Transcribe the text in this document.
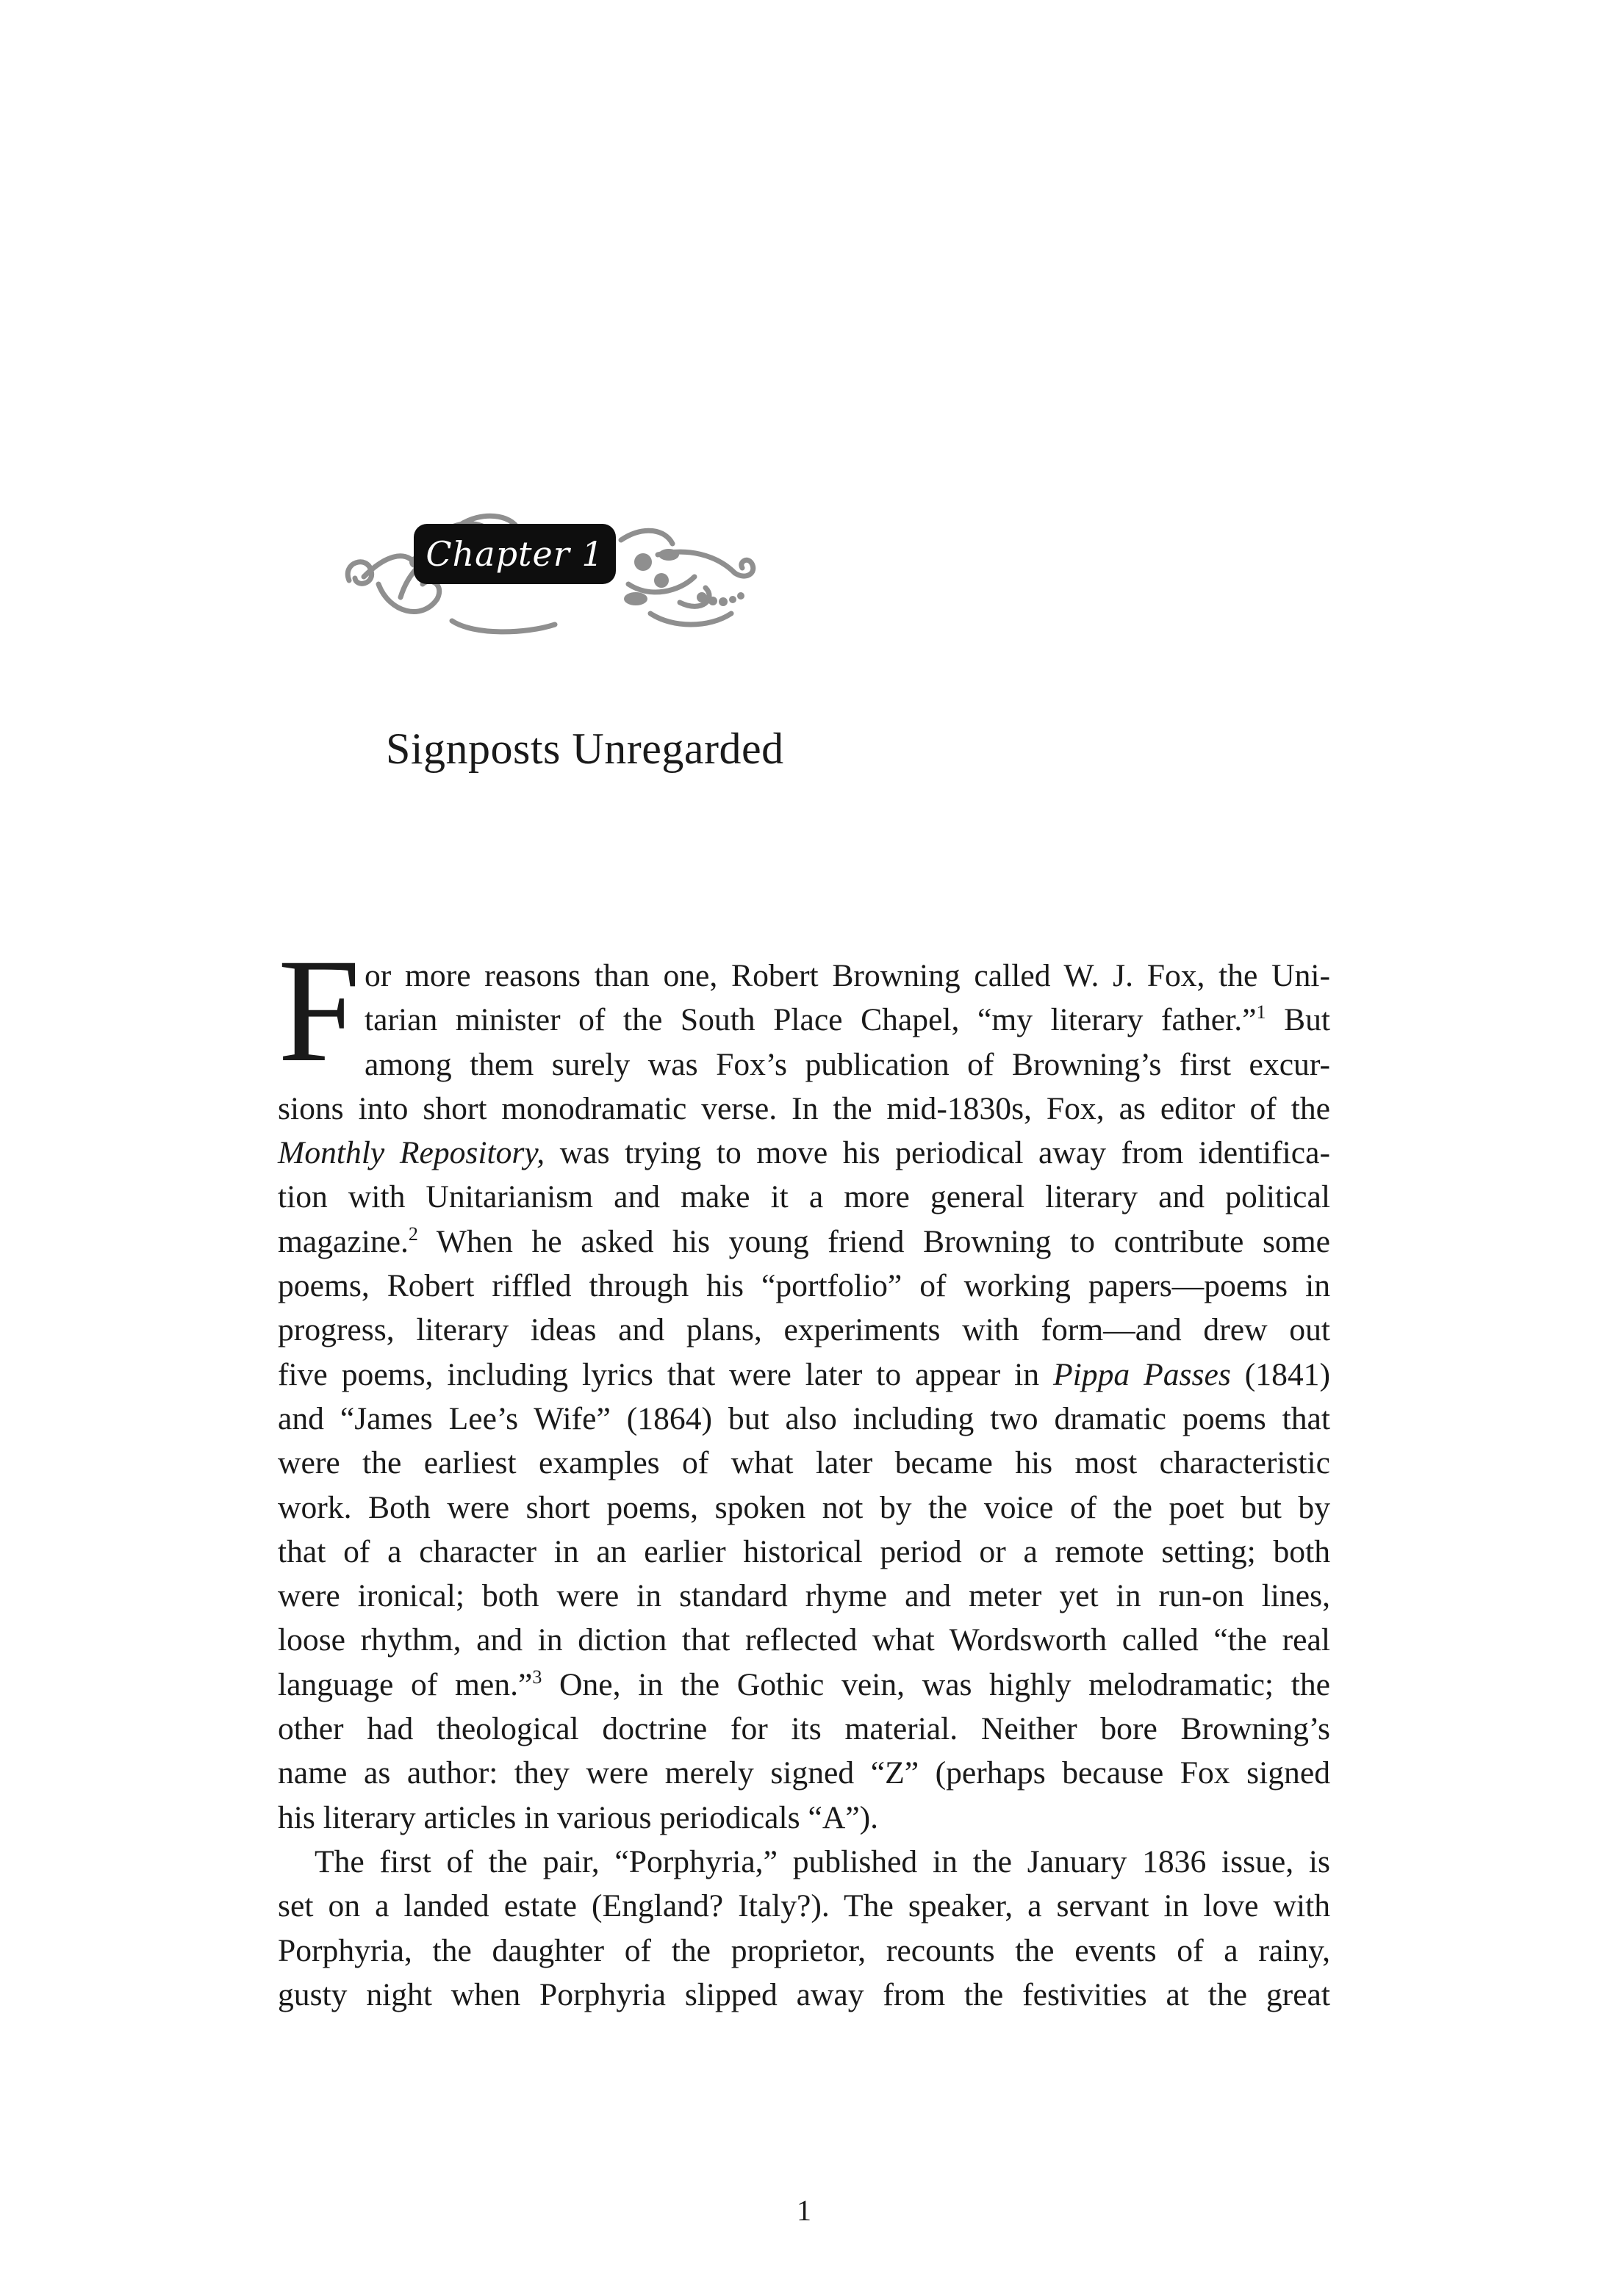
Chapter 1
Signposts Unregarded
F or more reasons than one, Robert Browning called W. J. Fox, the Uni-
tarian minister of the South Place Chapel, “my literary father.”$^1$ But
among them surely was Fox’s publication of Browning’s first excur-
sions into short monodramatic verse. In the mid-1830s, Fox, as editor of the
Monthly Repository, was trying to move his periodical away from identifica-
tion with Unitarianism and make it a more general literary and political
magazine.$^2$ When he asked his young friend Browning to contribute some
poems, Robert riffled through his “portfolio” of working papers—poems in
progress, literary ideas and plans, experiments with form—and drew out
five poems, including lyrics that were later to appear in Pippa Passes (1841)
and “James Lee’s Wife” (1864) but also including two dramatic poems that
were the earliest examples of what later became his most characteristic
work. Both were short poems, spoken not by the voice of the poet but by
that of a character in an earlier historical period or a remote setting; both
were ironical; both were in standard rhyme and meter yet in run-on lines,
loose rhythm, and in diction that reflected what Wordsworth called “the real
language of men.”$^3$ One, in the Gothic vein, was highly melodramatic; the
other had theological doctrine for its material. Neither bore Browning’s
name as author: they were merely signed “Z” (perhaps because Fox signed
his literary articles in various periodicals “A”).
The first of the pair, “Porphyria,” published in the January 1836 issue, is
set on a landed estate (England? Italy?). The speaker, a servant in love with
Porphyria, the daughter of the proprietor, recounts the events of a rainy,
gusty night when Porphyria slipped away from the festivities at the great
1
